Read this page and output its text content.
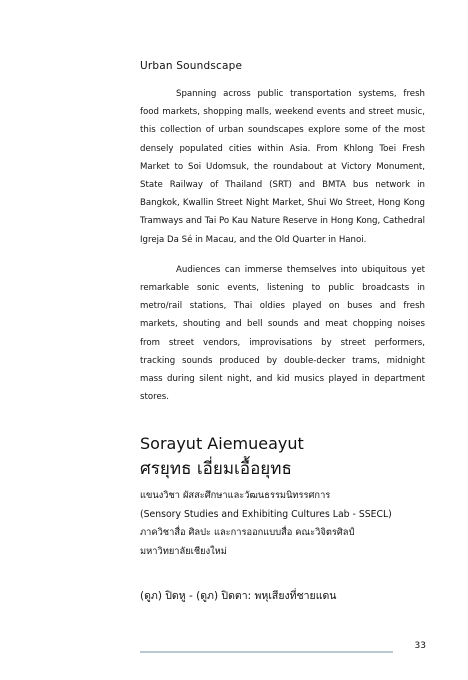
Urban Soundscape

Spanning across public transportation systems, fresh food markets, shopping malls, weekend events and street music, this collection of urban soundscapes explore some of the most densely populated cities within Asia. From Khlong Toei Fresh Market to Soi Udomsuk, the roundabout at Victory Monument, State Railway of Thailand (SRT) and BMTA bus network in Bangkok, Kwallin Street Night Market, Shui Wo Street, Hong Kong Tramways and Tai Po Kau Nature Reserve in Hong Kong, Cathedral Igreja Da Sé in Macau, and the Old Quarter in Hanoi.

Audiences can immerse themselves into ubiquitous yet remarkable sonic events, listening to public broadcasts in metro/rail stations, Thai oldies played on buses and fresh markets, shouting and bell sounds and meat chopping noises from street vendors, improvisations by street performers, tracking sounds produced by double-decker trams, midnight mass during silent night, and kid musics played in department stores.

Sorayut Aiemueayut
ศรยุทธ เอี่ยมเอื้อยุทธ

แขนงวิชา ผัสสะศึกษาและวัฒนธรรมนิทรรศการ

(Sensory Studies and Exhibiting Cultures Lab - SSECL)

ภาควิชาสื่อ ศิลปะ และการออกแบบสื่อ คณะวิจิตรศิลป์

มหาวิทยาลัยเชียงใหม่

(ดูภ) ปิดหู - (ดูภ) ปิดตา: พหุเสียงที่ชายแดน
33
